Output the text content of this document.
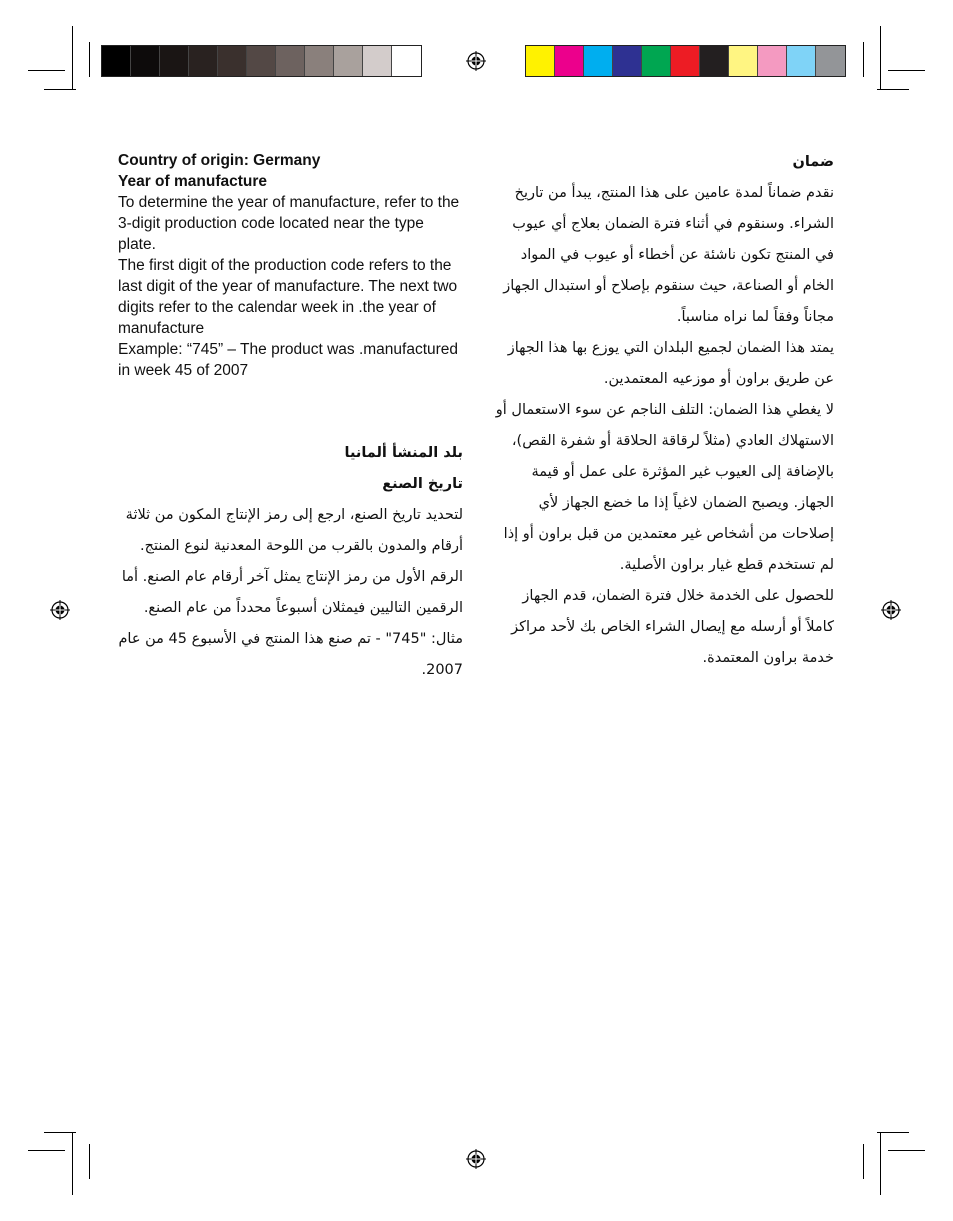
Country of origin: Germany

Year of manufacture

To determine the year of manufacture, refer to the 3-digit production code located near the type plate.

The first digit of the production code refers to the last digit of the year of manufacture. The next two digits refer to the calendar week in .the year of manufacture

Example: “745” – The product was .manufactured in week 45 of 2007

بلد المنشأ ألمانيا

تاريخ الصنع

لتحديد تاريخ الصنع، ارجع إلى رمز الإنتاج المكون من ثلاثة أرقام والمدون بالقرب من اللوحة المعدنية لنوع المنتج.

الرقم الأول من رمز الإنتاج يمثل آخر أرقام عام الصنع. أما الرقمين التاليين فيمثلان أسبوعاً محدداً من عام الصنع.

مثال: "745" - تم صنع هذا المنتج في الأسبوع 45 من عام 2007.

ضمان

نقدم ضماناً لمدة عامين على هذا المنتج، يبدأ من تاريخ الشراء. وسنقوم في أثناء فترة الضمان بعلاج أي عيوب في المنتج تكون ناشئة عن أخطاء أو عيوب في المواد الخام أو الصناعة، حيث سنقوم بإصلاح أو استبدال الجهاز مجاناً وفقاً لما نراه مناسباً.

يمتد هذا الضمان لجميع البلدان التي يوزع بها هذا الجهاز عن طريق براون أو موزعيه المعتمدين.

لا يغطي هذا الضمان: التلف الناجم عن سوء الاستعمال أو الاستهلاك العادي (مثلاً لرقاقة الحلاقة أو شفرة القص)، بالإضافة إلى العيوب غير المؤثرة على عمل أو قيمة الجهاز. ويصبح الضمان لاغياً إذا ما خضع الجهاز لأي إصلاحات من أشخاص غير معتمدين من قبل براون أو إذا لم تستخدم قطع غيار براون الأصلية.

للحصول على الخدمة خلال فترة الضمان، قدم الجهاز كاملاً أو أرسله مع إيصال الشراء الخاص بك لأحد مراكز خدمة براون المعتمدة.
